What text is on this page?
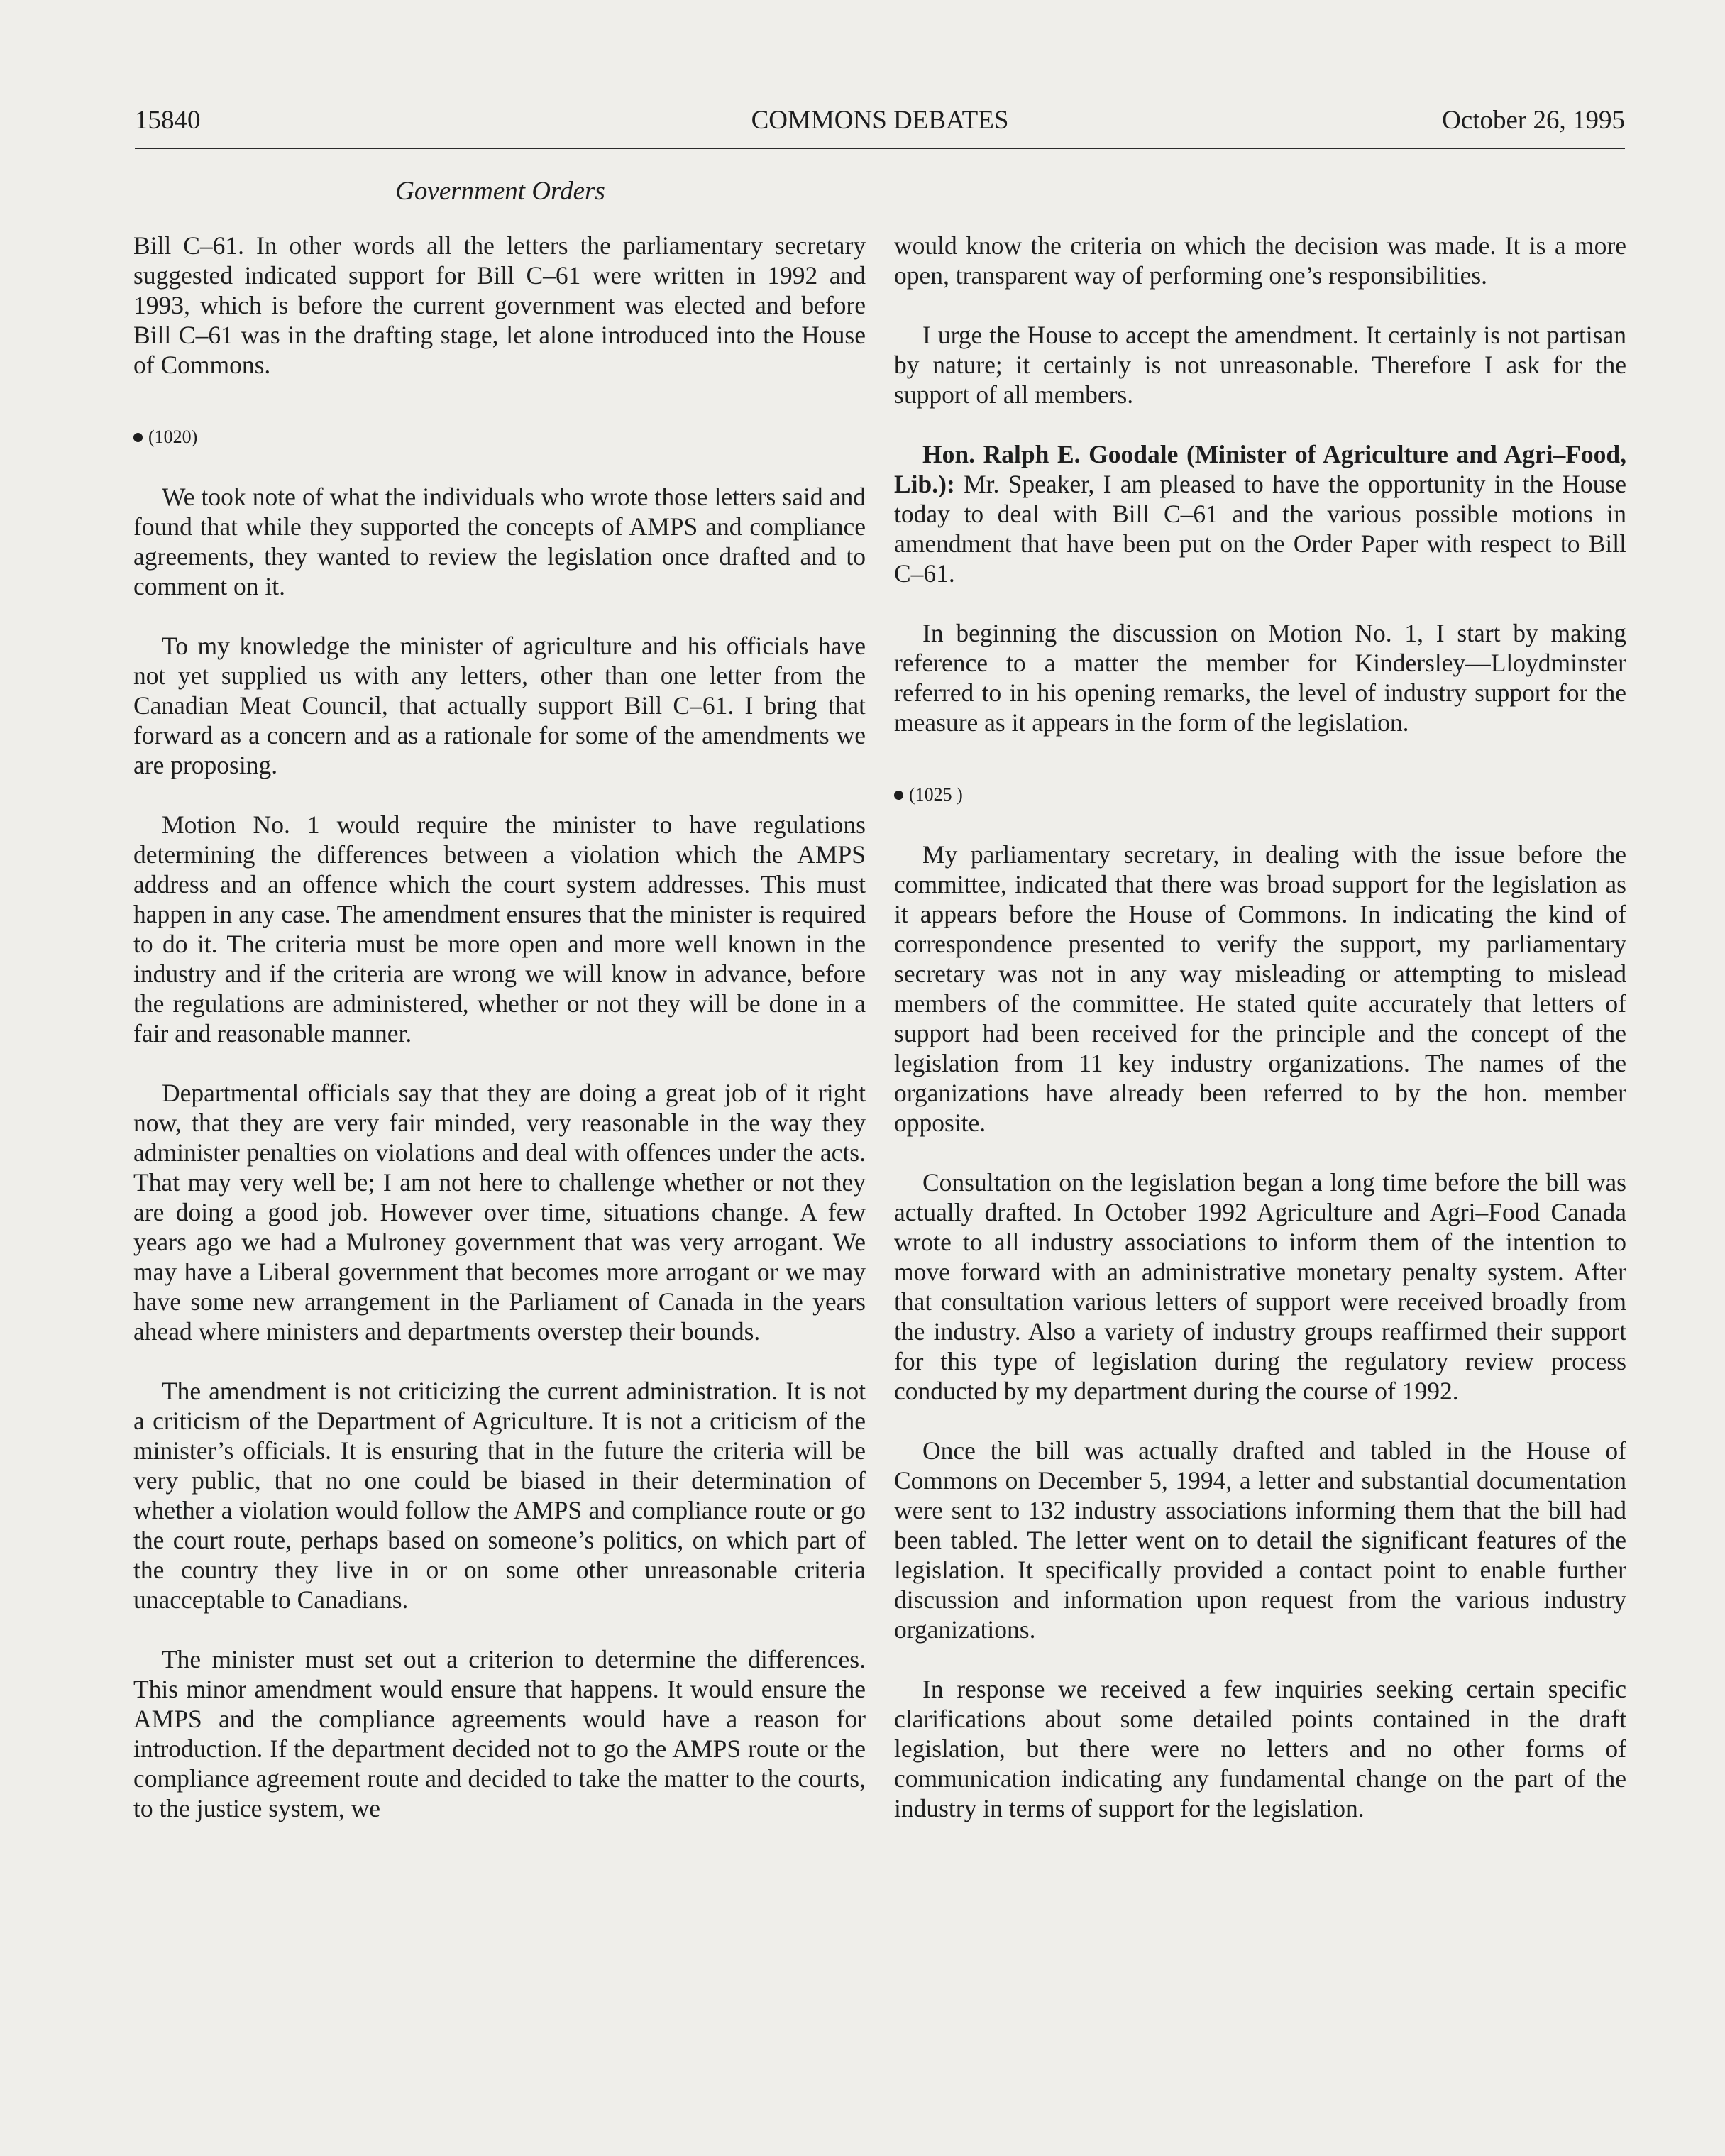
15840	COMMONS DEBATES	October 26, 1995
Government Orders

Bill C–61. In other words all the letters the parliamentary secretary suggested indicated support for Bill C–61 were written in 1992 and 1993, which is before the current government was elected and before Bill C–61 was in the drafting stage, let alone introduced into the House of Commons.

(1020)

We took note of what the individuals who wrote those letters said and found that while they supported the concepts of AMPS and compliance agreements, they wanted to review the legislation once drafted and to comment on it.

To my knowledge the minister of agriculture and his officials have not yet supplied us with any letters, other than one letter from the Canadian Meat Council, that actually support Bill C–61. I bring that forward as a concern and as a rationale for some of the amendments we are proposing.

Motion No. 1 would require the minister to have regulations determining the differences between a violation which the AMPS address and an offence which the court system addresses. This must happen in any case. The amendment ensures that the minister is required to do it. The criteria must be more open and more well known in the industry and if the criteria are wrong we will know in advance, before the regulations are administered, whether or not they will be done in a fair and reasonable manner.

Departmental officials say that they are doing a great job of it right now, that they are very fair minded, very reasonable in the way they administer penalties on violations and deal with offences under the acts. That may very well be; I am not here to challenge whether or not they are doing a good job. However over time, situations change. A few years ago we had a Mulroney government that was very arrogant. We may have a Liberal government that becomes more arrogant or we may have some new arrangement in the Parliament of Canada in the years ahead where ministers and departments overstep their bounds.

The amendment is not criticizing the current administration. It is not a criticism of the Department of Agriculture. It is not a criticism of the minister’s officials. It is ensuring that in the future the criteria will be very public, that no one could be biased in their determination of whether a violation would follow the AMPS and compliance route or go the court route, perhaps based on someone’s politics, on which part of the country they live in or on some other unreasonable criteria unacceptable to Canadians.

The minister must set out a criterion to determine the differences. This minor amendment would ensure that happens. It would ensure the AMPS and the compliance agreements would have a reason for introduction. If the department decided not to go the AMPS route or the compliance agreement route and decided to take the matter to the courts, to the justice system, we

would know the criteria on which the decision was made. It is a more open, transparent way of performing one’s responsibilities.

I urge the House to accept the amendment. It certainly is not partisan by nature; it certainly is not unreasonable. Therefore I ask for the support of all members.

Hon. Ralph E. Goodale (Minister of Agriculture and Agri–Food, Lib.): Mr. Speaker, I am pleased to have the opportunity in the House today to deal with Bill C–61 and the various possible motions in amendment that have been put on the Order Paper with respect to Bill C–61.

In beginning the discussion on Motion No. 1, I start by making reference to a matter the member for Kindersley—Lloydminster referred to in his opening remarks, the level of industry support for the measure as it appears in the form of the legislation.

(1025 )

My parliamentary secretary, in dealing with the issue before the committee, indicated that there was broad support for the legislation as it appears before the House of Commons. In indicating the kind of correspondence presented to verify the support, my parliamentary secretary was not in any way misleading or attempting to mislead members of the committee. He stated quite accurately that letters of support had been received for the principle and the concept of the legislation from 11 key industry organizations. The names of the organizations have already been referred to by the hon. member opposite.

Consultation on the legislation began a long time before the bill was actually drafted. In October 1992 Agriculture and Agri–Food Canada wrote to all industry associations to inform them of the intention to move forward with an administrative monetary penalty system. After that consultation various letters of support were received broadly from the industry. Also a variety of industry groups reaffirmed their support for this type of legislation during the regulatory review process conducted by my department during the course of 1992.

Once the bill was actually drafted and tabled in the House of Commons on December 5, 1994, a letter and substantial documentation were sent to 132 industry associations informing them that the bill had been tabled. The letter went on to detail the significant features of the legislation. It specifically provided a contact point to enable further discussion and information upon request from the various industry organizations.

In response we received a few inquiries seeking certain specific clarifications about some detailed points contained in the draft legislation, but there were no letters and no other forms of communication indicating any fundamental change on the part of the industry in terms of support for the legislation.
